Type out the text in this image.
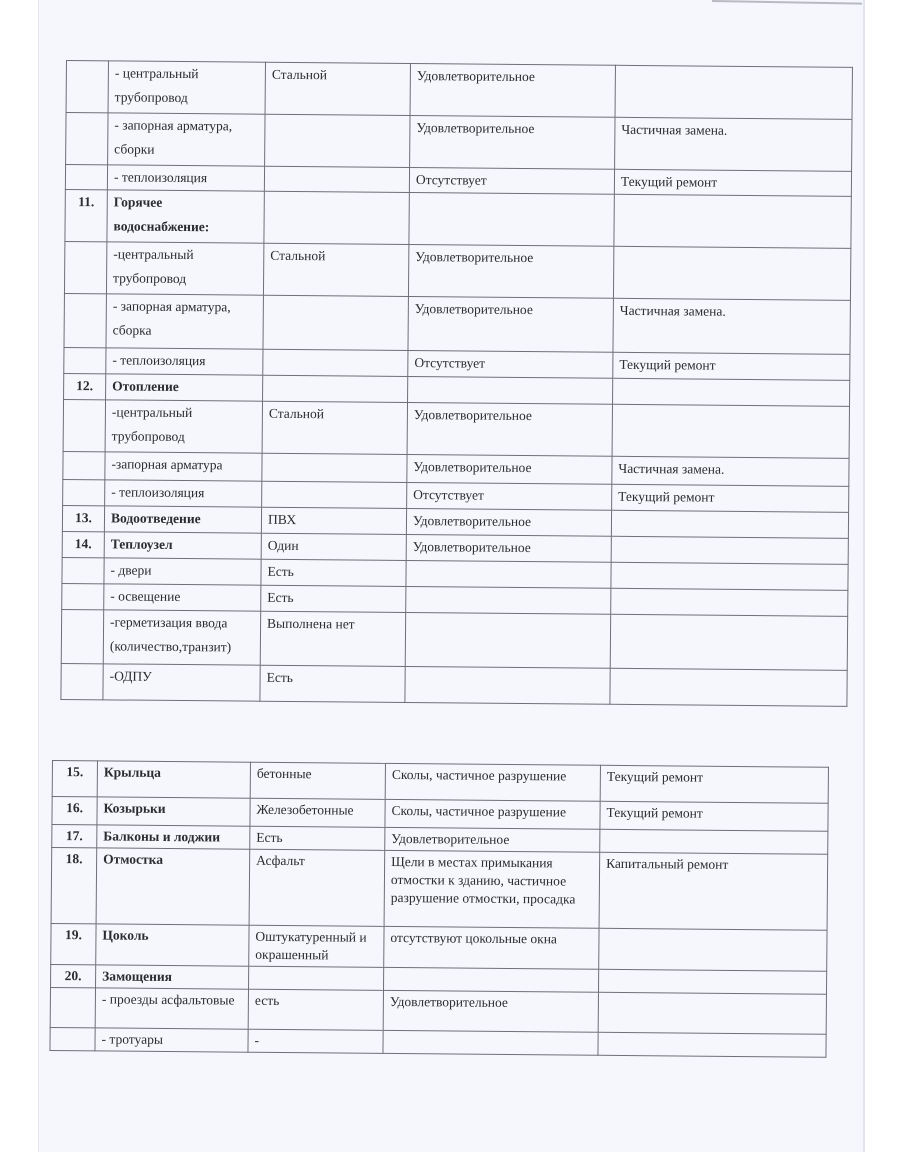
	- центральный трубопровод	Стальной	Удовлетворительное	
	- запорная арматура, сборки		Удовлетворительное	Частичная замена.
	- теплоизоляция		Отсутствует	Текущий ремонт
11.	Горячее водоснабжение:			
	-центральный трубопровод	Стальной	Удовлетворительное	
	- запорная арматура, сборка		Удовлетворительное	Частичная замена.
	- теплоизоляция		Отсутствует	Текущий ремонт
12.	Отопление			
	-центральный трубопровод	Стальной	Удовлетворительное	
	-запорная арматура		Удовлетворительное	Частичная замена.
	- теплоизоляция		Отсутствует	Текущий ремонт
13.	Водоотведение	ПВХ	Удовлетворительное	
14.	Теплоузел	Один	Удовлетворительное	
	- двери	Есть		
	- освещение	Есть		
	-герметизация ввода (количество,транзит)	Выполнена нет		
	-ОДПУ	Есть		
15.	Крыльца	бетонные	Сколы, частичное разрушение	Текущий ремонт
16.	Козырьки	Железобетонные	Сколы, частичное разрушение	Текущий ремонт
17.	Балконы и лоджии	Есть	Удовлетворительное	
18.	Отмостка	Асфальт	Щели в местах примыкания отмостки к зданию, частичное разрушение отмостки, просадка	Капитальный ремонт
19.	Цоколь	Оштукатуренный и окрашенный	отсутствуют цокольные окна	
20.	Замощения			
	- проезды асфальтовые	есть	Удовлетворительное	
	- тротуары	-		
